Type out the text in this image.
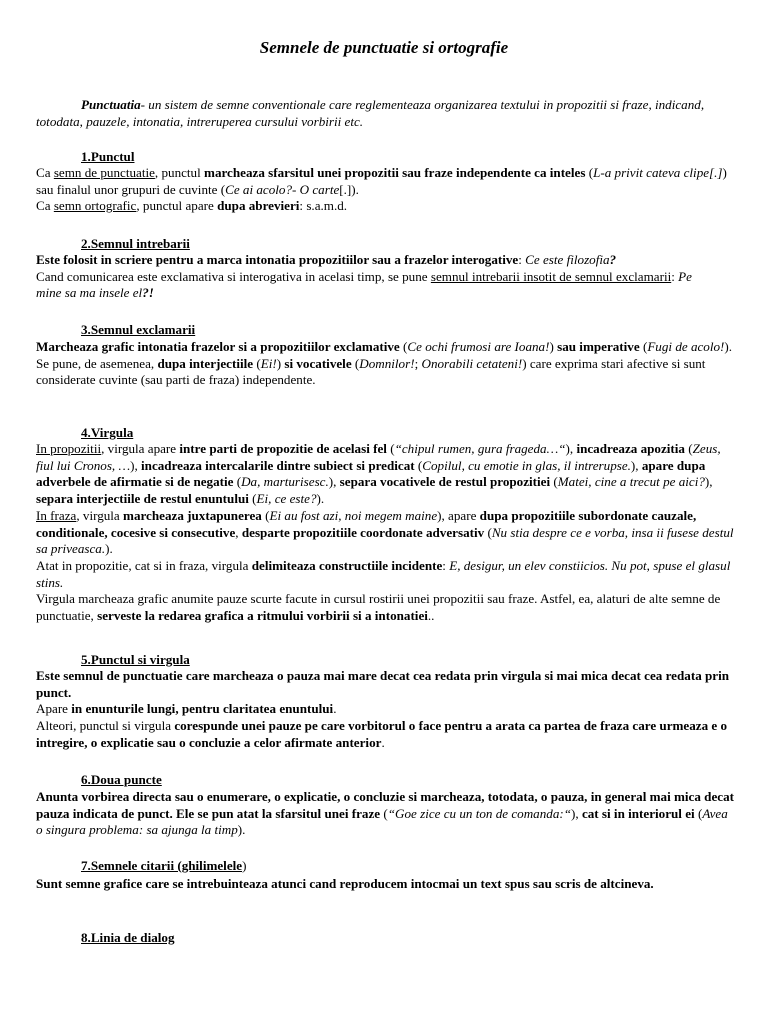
Semnele de punctuatie si ortografie

Punctuatia- un sistem de semne conventionale care reglementeaza organizarea textului in propozitii si fraze, indicand, totodata, pauzele, intonatia, intreruperea cursului vorbirii etc.

1.Punctul

Ca semn de punctuatie, punctul marcheaza sfarsitul unei propozitii sau fraze independente ca inteles (L-a privit cateva clipe[.]) sau finalul unor grupuri de cuvinte (Ce ai acolo?- O carte[.]).

Ca semn ortografic, punctul apare dupa abrevieri: s.a.m.d.

2.Semnul intrebarii

Este folosit in scriere pentru a marca intonatia propozitiilor sau a frazelor interogative: Ce este filozofia?

Cand comunicarea este exclamativa si interogativa in acelasi timp, se pune semnul intrebarii insotit de semnul exclamarii: Pe mine sa ma insele el?!

3.Semnul exclamarii

Marcheaza grafic intonatia frazelor si a propozitiilor exclamative (Ce ochi frumosi are Ioana!) sau imperative (Fugi de acolo!).

Se pune, de asemenea, dupa interjectiile (Ei!) si vocativele (Domnilor!; Onorabili cetateni!) care exprima stari afective si sunt considerate cuvinte (sau parti de fraza) independente.

4.Virgula

In propozitii, virgula apare intre parti de propozitie de acelasi fel (“chipul rumen, gura frageda…“), incadreaza apozitia (Zeus, fiul lui Cronos, …), incadreaza intercalarile dintre subiect si predicat (Copilul, cu emotie in glas, il intrerupse.), apare dupa adverbele de afirmatie si de negatie (Da, marturisesc.), separa vocativele de restul propozitiei (Matei, cine a trecut pe aici?), separa interjectiile de restul enuntului (Ei, ce este?).

In fraza, virgula marcheaza juxtapunerea (Ei au fost azi, noi megem maine), apare dupa propozitiile subordonate cauzale, conditionale, cocesive si consecutive, desparte propozitiile coordonate adversativ (Nu stia despre ce e vorba, insa ii fusese destul sa priveasca.).

Atat in propozitie, cat si in fraza, virgula delimiteaza constructiile incidente: E, desigur, un elev constiicios. Nu pot, spuse el glasul stins.

Virgula marcheaza grafic anumite pauze scurte facute in cursul rostirii unei propozitii sau fraze. Astfel, ea, alaturi de alte semne de punctuatie, serveste la redarea grafica a ritmului vorbirii si a intonatiei..

5.Punctul si virgula

Este semnul de punctuatie care marcheaza o pauza mai mare decat cea redata prin virgula si mai mica decat cea redata prin punct.

Apare in enunturile lungi, pentru claritatea enuntului.

Alteori, punctul si virgula corespunde unei pauze pe care vorbitorul o face pentru a arata ca partea de fraza care urmeaza e o intregire, o explicatie sau o concluzie a celor afirmate anterior.

6.Doua puncte

Anunta vorbirea directa sau o enumerare, o explicatie, o concluzie si marcheaza, totodata, o pauza, in general mai mica decat pauza indicata de punct. Ele se pun atat la sfarsitul unei fraze (“Goe zice cu un ton de comanda:“), cat si in interiorul ei (Avea o singura problema: sa ajunga la timp).

7.Semnele citarii (ghilimelele)

Sunt semne grafice care se intrebuinteaza atunci cand reproducem intocmai un text spus sau scris de altcineva.

8.Linia de dialog
